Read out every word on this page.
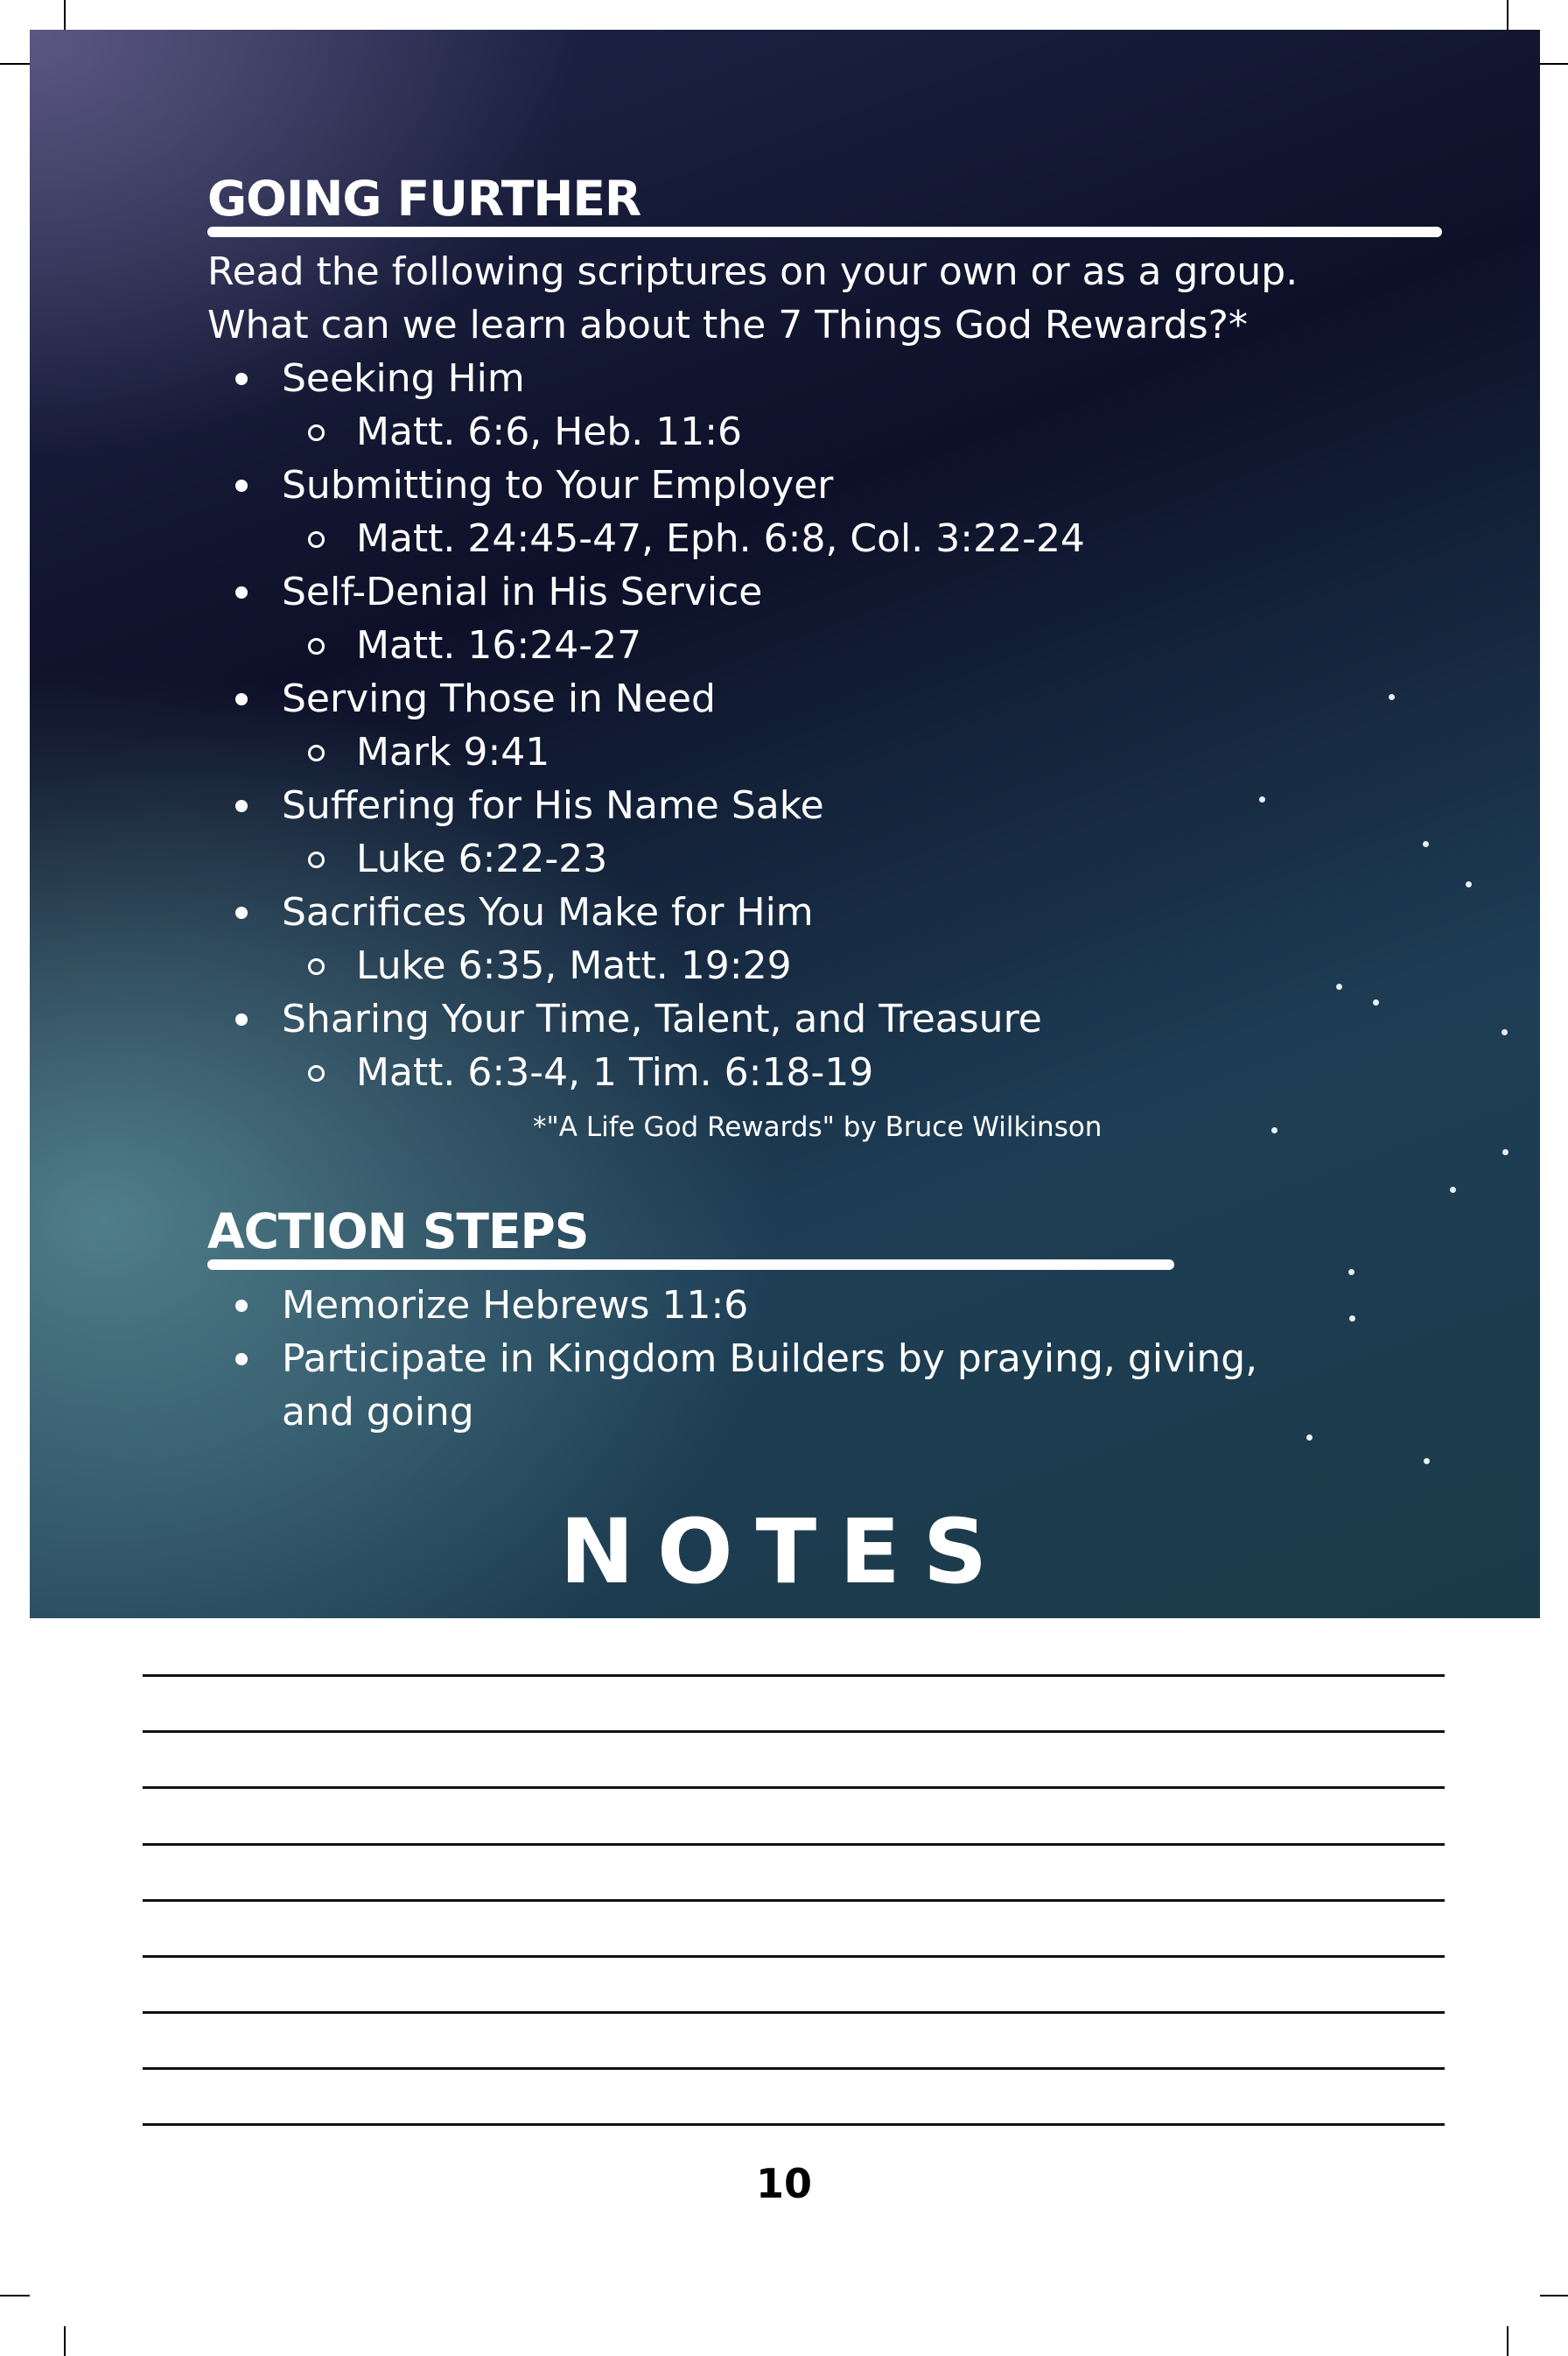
GOING FURTHER
Read the following scriptures on your own or as a group.
What can we learn about the 7 Things God Rewards?*
Seeking Him
Matt. 6:6, Heb. 11:6
Submitting to Your Employer
Matt. 24:45-47, Eph. 6:8, Col. 3:22-24
Self-Denial in His Service
Matt. 16:24-27
Serving Those in Need
Mark 9:41
Suffering for His Name Sake
Luke 6:22-23
Sacrifices You Make for Him
Luke 6:35, Matt. 19:29
Sharing Your Time, Talent, and Treasure
Matt. 6:3-4, 1 Tim. 6:18-19
*"A Life God Rewards" by Bruce Wilkinson
ACTION STEPS
Memorize Hebrews 11:6
Participate in Kingdom Builders by praying, giving, and going
NOTES
10
